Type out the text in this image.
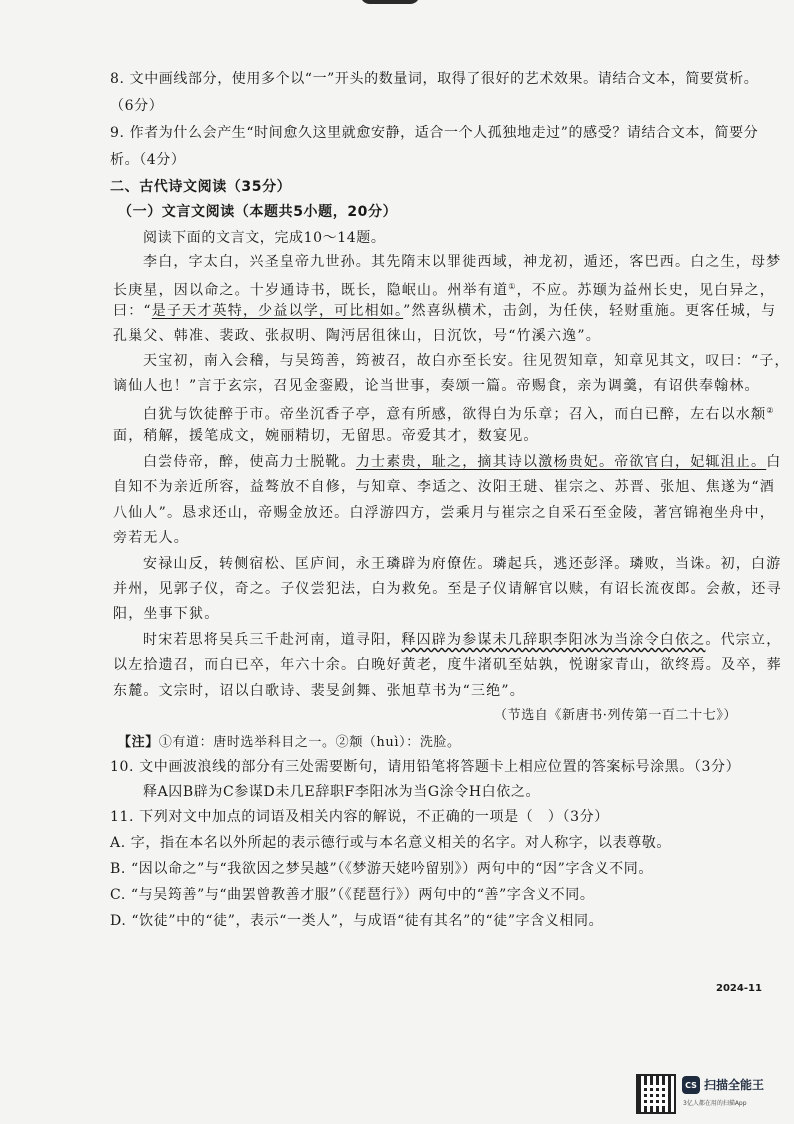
8. 文中画线部分，使用多个以“一”开头的数量词，取得了很好的艺术效果。请结合文本，简要赏析。
（6分）
9. 作者为什么会产生“时间愈久这里就愈安静，适合一个人孤独地走过”的感受？请结合文本，简要分
析。（4分）
二、古代诗文阅读（35分）
（一）文言文阅读（本题共5小题，20分）
阅读下面的文言文，完成10～14题。
李白，字太白，兴圣皇帝九世孙。其先隋末以罪徙西域，神龙初，遁还，客巴西。白之生，母梦
长庚星，因以命之。十岁通诗书，既长，隐岷山。州举有道①，不应。苏颋为益州长史，见白异之，
曰：“是子天才英特，少益以学，可比相如。”然喜纵横术，击剑，为任侠，轻财重施。更客任城，与
孔巢父、韩准、裴政、张叔明、陶沔居徂徕山，日沉饮，号“竹溪六逸”。
天宝初，南入会稽，与吴筠善，筠被召，故白亦至长安。往见贺知章，知章见其文，叹曰：“子，
谪仙人也！”言于玄宗，召见金銮殿，论当世事，奏颂一篇。帝赐食，亲为调羹，有诏供奉翰林。
白犹与饮徒醉于市。帝坐沉香子亭，意有所感，欲得白为乐章；召入，而白已醉，左右以水颒②
面，稍解，援笔成文，婉丽精切，无留思。帝爱其才，数宴见。
白尝侍帝，醉，使高力士脱靴。力士素贵，耻之，摘其诗以激杨贵妃。帝欲官白，妃辄沮止。白
自知不为亲近所容，益骜放不自修，与知章、李适之、汝阳王琎、崔宗之、苏晋、张旭、焦遂为“酒
八仙人”。恳求还山，帝赐金放还。白浮游四方，尝乘月与崔宗之自采石至金陵，著宫锦袍坐舟中，
旁若无人。
安禄山反，转侧宿松、匡庐间，永王璘辟为府僚佐。璘起兵，逃还彭泽。璘败，当诛。初，白游
并州，见郭子仪，奇之。子仪尝犯法，白为救免。至是子仪请解官以赎，有诏长流夜郎。会赦，还寻
阳，坐事下狱。
时宋若思将吴兵三千赴河南，道寻阳，释囚辟为参谋未几辞职李阳冰为当涂令白依之。代宗立，
以左拾遗召，而白已卒，年六十余。白晚好黄老，度牛渚矶至姑孰，悦谢家青山，欲终焉。及卒，葬
东麓。文宗时，诏以白歌诗、裴旻剑舞、张旭草书为“三绝”。
（节选自《新唐书·列传第一百二十七》）
【注】①有道：唐时选举科目之一。②颒（huì）：洗脸。
10. 文中画波浪线的部分有三处需要断句，请用铅笔将答题卡上相应位置的答案标号涂黑。（3分）
释A囚B辟为C参谋D未几E辞职F李阳冰为当G涂令H白依之。
11. 下列对文中加点的词语及相关内容的解说，不正确的一项是（　）（3分）
A. 字，指在本名以外所起的表示德行或与本名意义相关的名字。对人称字，以表尊敬。
B. “因以命之”与“我欲因之梦吴越”（《梦游天姥吟留别》）两句中的“因”字含义不同。
C. “与吴筠善”与“曲罢曾教善才服”（《琵琶行》）两句中的“善”字含义不同。
D. “饮徒”中的“徒”，表示“一类人”，与成语“徒有其名”的“徒”字含义相同。
2024-11
CS 扫描全能王
3亿人都在用的扫描App
